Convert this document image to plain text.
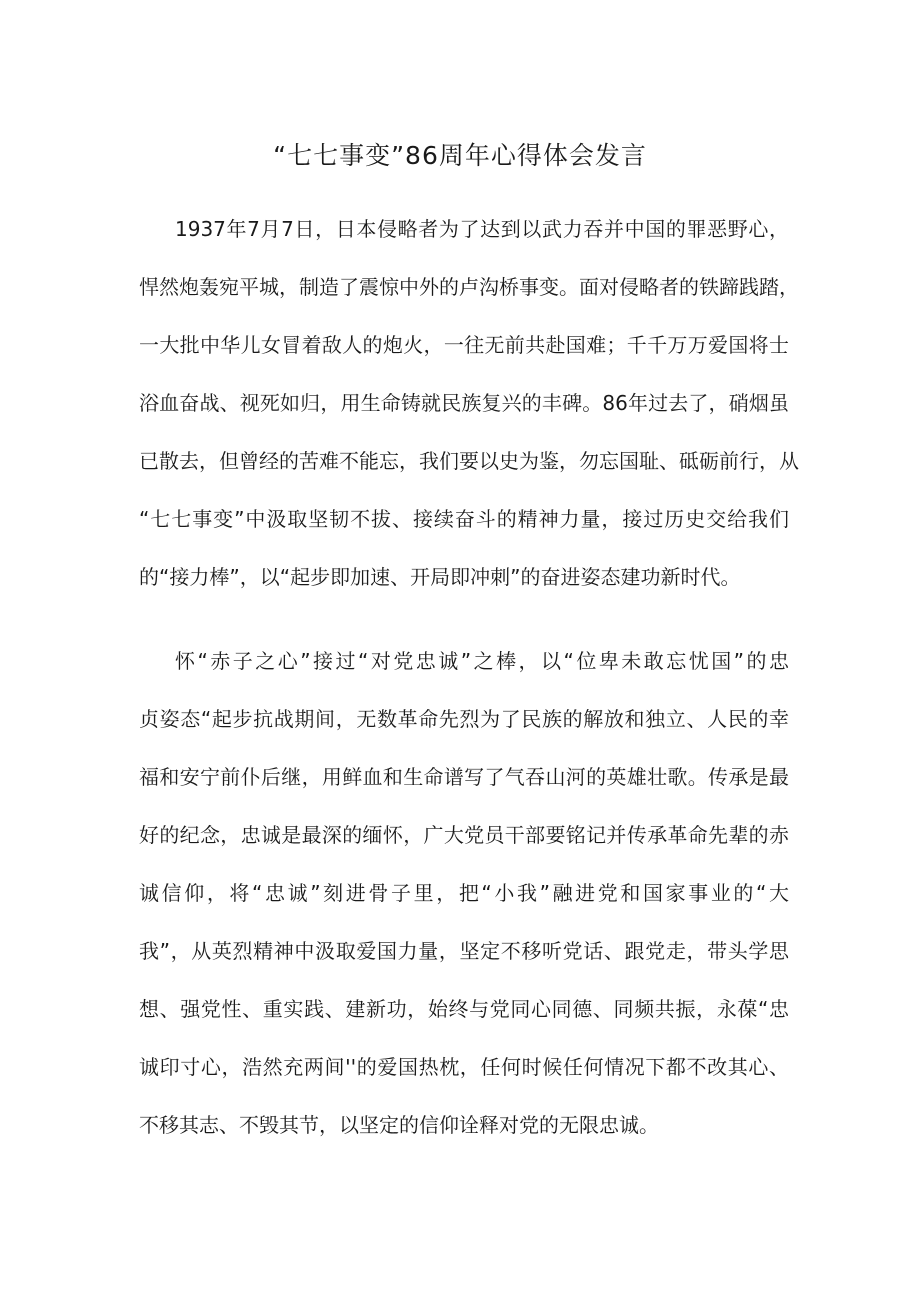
“七七事变”86周年心得体会发言
1937年7月7日，日本侵略者为了达到以武力吞并中国的罪恶野心，
悍然炮轰宛平城，制造了震惊中外的卢沟桥事变。面对侵略者的铁蹄践踏，
一大批中华儿女冒着敌人的炮火，一往无前共赴国难；千千万万爱国将士
浴血奋战、视死如归，用生命铸就民族复兴的丰碑。86年过去了，硝烟虽
已散去，但曾经的苦难不能忘，我们要以史为鉴，勿忘国耻、砥砺前行，从
“七七事变”中汲取坚韧不拔、接续奋斗的精神力量，接过历史交给我们
的“接力棒”，以“起步即加速、开局即冲刺”的奋进姿态建功新时代。
怀“赤子之心”接过“对党忠诚”之棒，以“位卑未敢忘忧国”的忠
贞姿态“起步抗战期间，无数革命先烈为了民族的解放和独立、人民的幸
福和安宁前仆后继，用鲜血和生命谱写了气吞山河的英雄壮歌。传承是最
好的纪念，忠诚是最深的缅怀，广大党员干部要铭记并传承革命先辈的赤
诚信仰，将“忠诚”刻进骨子里，把“小我”融进党和国家事业的“大
我”，从英烈精神中汲取爱国力量，坚定不移听党话、跟党走，带头学思
想、强党性、重实践、建新功，始终与党同心同德、同频共振，永葆“忠
诚印寸心，浩然充两间''的爱国热枕，任何时候任何情况下都不改其心、
不移其志、不毁其节，以坚定的信仰诠释对党的无限忠诚。
